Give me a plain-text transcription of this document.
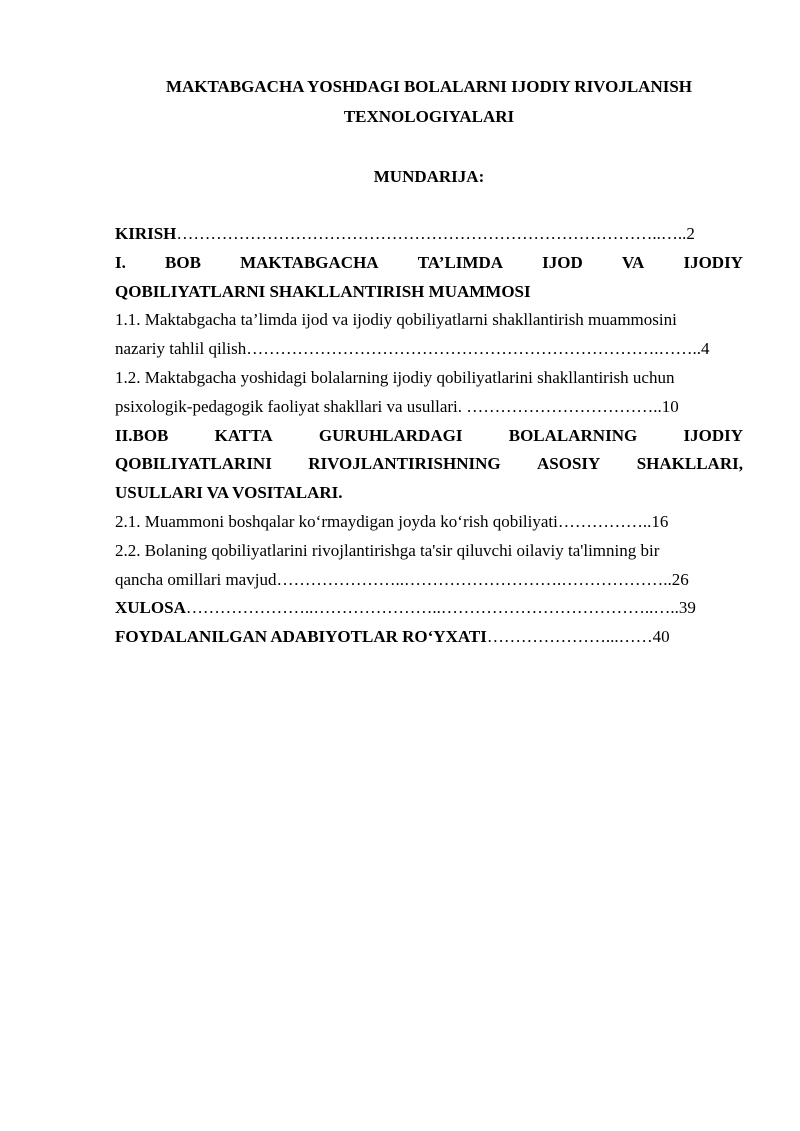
MAKTABGACHA YOSHDAGI BOLALARNI IJODIY RIVOJLANISH TEXNOLOGIYALARI
MUNDARIJA:
KIRISH…………………………………………………………………………..…..2
I. BOB MAKTABGACHA TA’LIMDA IJOD VA IJODIY
QOBILIYATLARNI SHAKLLANTIRISH MUAMMOSI
1.1. Maktabgacha ta’limda ijod va ijodiy qobiliyatlarni shakllantirish muammosini
nazariy tahlil qilish……………………………………………………………….……..4
1.2. Maktabgacha yoshidagi bolalarning ijodiy qobiliyatlarini shakllantirish uchun
psixologik-pedagogik faoliyat shakllari va usullari. ……………………………..10
II.BOB	KATTA	GURUHLARDAGI	BOLALARNING	IJODIY
QOBILIYATLARINI RIVOJLANTIRISHNING ASOSIY SHAKLLARI,
USULLARI VA VOSITALARI.
2.1. Muammoni boshqalar ko‘rmaydigan joyda ko‘rish qobiliyati……………..16
2.2. Bolaning qobiliyatlarini rivojlantirishga ta'sir qiluvchi oilaviy ta'limning bir
qancha omillari mavjud…………………..……………………….………………..26
XULOSA…………………..…………………..………………………………..…..39
FOYDALANILGAN ADABIYOTLAR RO‘YXATI…………………...……40
